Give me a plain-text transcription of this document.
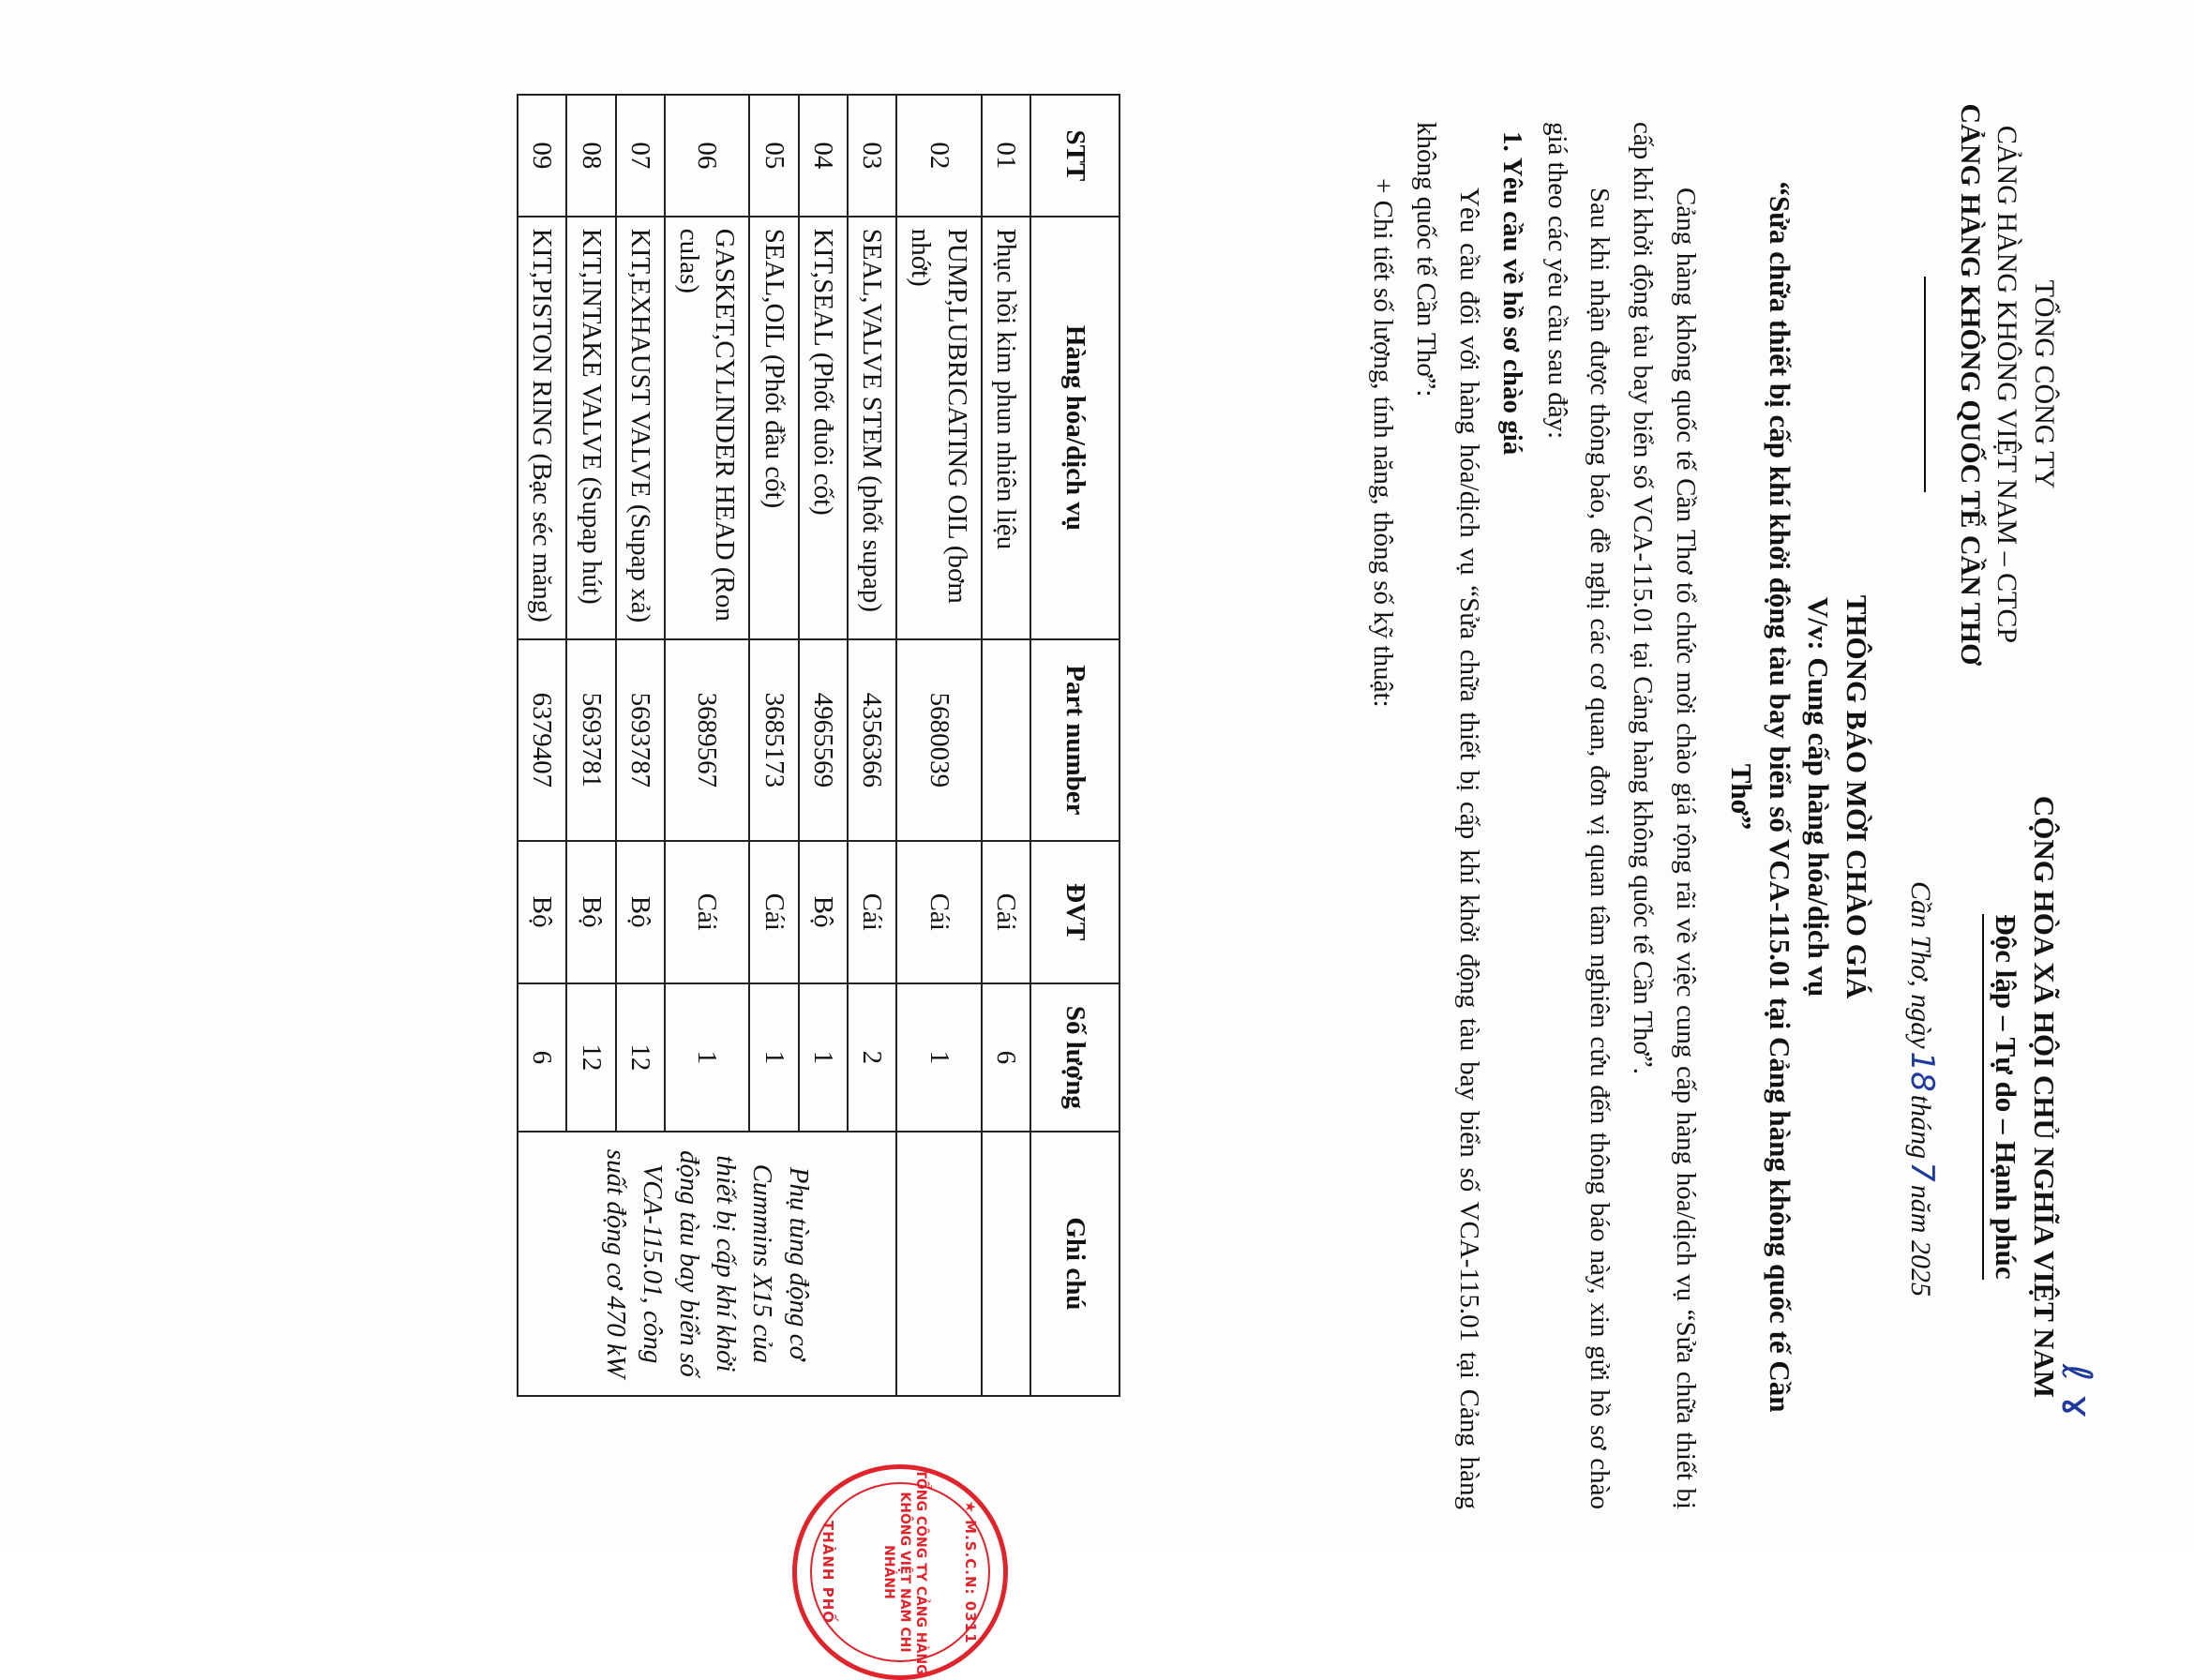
TỔNG CÔNG TY
CẢNG HÀNG KHÔNG VIỆT NAM – CTCP
CẢNG HÀNG KHÔNG QUỐC TẾ CẦN THƠ
CỘNG HÒA XÃ HỘI CHỦ NGHĨA VIỆT NAM
Độc lập – Tự do – Hạnh phúc
Cần Thơ, ngày18tháng7năm 2025
THÔNG BÁO MỜI CHÀO GIÁ
V/v: Cung cấp hàng hóa/dịch vụ
“Sửa chữa thiết bị cấp khí khởi động tàu bay biển số VCA-115.01 tại Cảng hàng không quốc tế Cần Thơ”

Cảng hàng không quốc tế Cần Thơ tổ chức mời chào giá rộng rãi về việc cung cấp hàng hóa/dịch vụ “Sửa chữa thiết bị cấp khí khởi động tàu bay biển số VCA-115.01 tại Cảng hàng không quốc tế Cần Thơ”.

Sau khi nhận được thông báo, đề nghị các cơ quan, đơn vị quan tâm nghiên cứu đến thông báo này, xin gửi hồ sơ chào giá theo các yêu cầu sau đây:

1. Yêu cầu về hồ sơ chào giá

Yêu cầu đối với hàng hóa/dịch vụ “Sửa chữa thiết bị cấp khí khởi động tàu bay biển số VCA-115.01 tại Cảng hàng không quốc tế Cần Thơ”:

+ Chi tiết số lượng, tính năng, thông số kỹ thuật:

STT	Hàng hóa/dịch vụ	Part number	ĐVT	Số lượng	Ghi chú
01	Phục hồi kim phun nhiên liệu		Cái	6	
02	PUMP,LUBRICATING OIL (bơm nhớt)	5680039	Cái	1	
03	SEAL,VALVE STEM (phốt supap)	4356366	Cái	2	Phụ tùng động cơ Cummins X15 của thiết bị cấp khí khởi động tàu bay biển số VCA-115.01, công suất động cơ 470 kW
04	KIT,SEAL (Phốt đuôi cốt)	4965569	Bộ	1	
05	SEAL,OIL (Phốt đầu cốt)	3685173	Cái	1	
06	GASKET,CYLINDER HEAD (Ron culas)	3689567	Cái	1	
07	KIT,EXHAUST VALVE (Supap xả)	5693787	Bộ	12	
08	KIT,INTAKE VALVE (Supap hút)	5693781	Bộ	12	
09	KIT,PISTON RING (Bạc séc măng)	6379407	Bộ	6	
★ M.S.C.N: 0311
TỔNG CÔNG TY CẢNG HÀNG KHÔNG VIỆT NAM CHI NHÁNH
THÀNH PHỐ
ℓ ɤ
